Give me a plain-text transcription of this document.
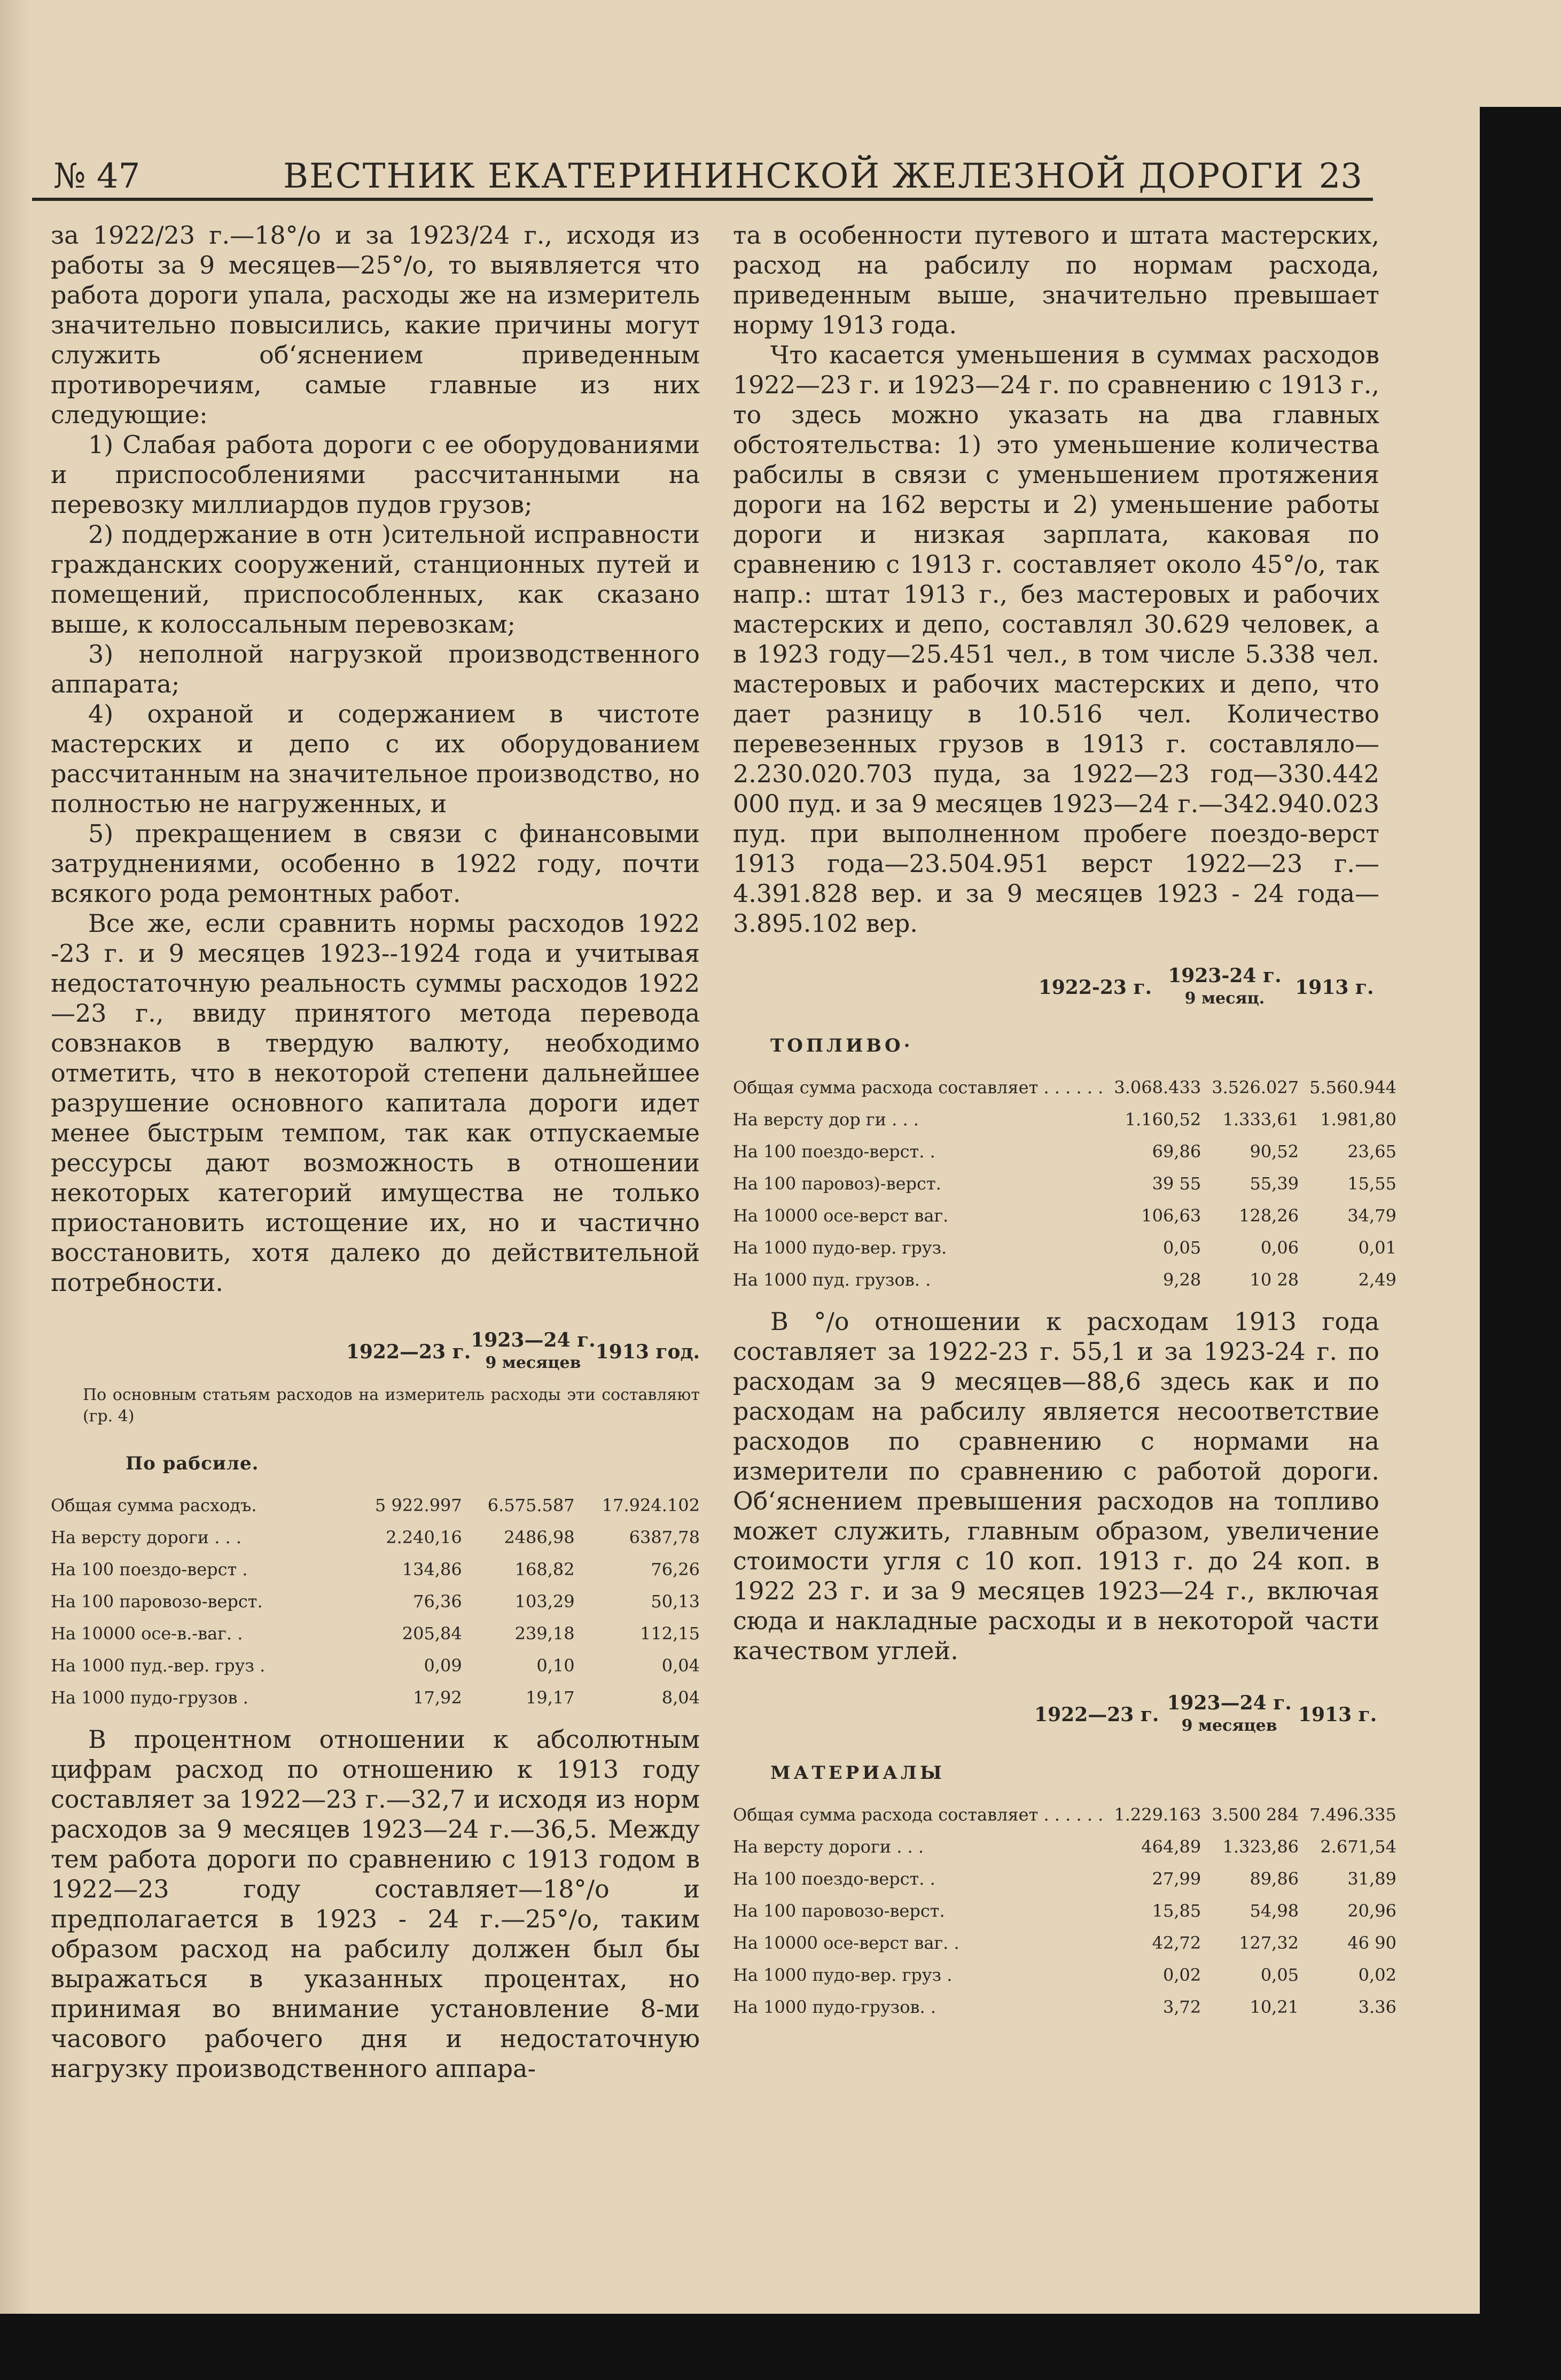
№ 47	ВЕСТНИК ЕКАТЕРИНИНСКОЙ ЖЕЛЕЗНОЙ ДОРОГИ 23

за 1922/23 г.—18°/о и за 1923/24 г., исходя из работы за 9 месяцев—25°/о, то выявляется что работа дороги упала, расходы же на измеритель значительно повысились, какие причины могут служить об‘яснением приведенным противоречиям, самые главные из них следующие:

1) Слабая работа дороги с ее оборудованиями и приспособлениями рассчитанными на перевозку миллиардов пудов грузов;

2) поддержание в отн )сительной исправности гражданских сооружений, станционных путей и помещений, приспособленных, как сказано выше, к колоссальным перевозкам;

3) неполной нагрузкой производственного аппарата;

4) охраной и содержанием в чистоте мастерских и депо с их оборудованием рассчитанным на значительное производство, но полностью не нагруженных, и

5) прекращением в связи с финансовыми затруднениями, особенно в 1922 году, почти всякого рода ремонтных работ.

Все же, если сравнить нормы расходов 1922 -23 г. и 9 месяцев 1923--1924 года и учитывая недостаточную реальность суммы расходов 1922—23 г., ввиду принятого метода перевода совзнаков в твердую валюту, необходимо отметить, что в некоторой степени дальнейшее разрушение основного капитала дороги идет менее быстрым темпом, так как отпускаемые рессурсы дают возможность в отношении некоторых категорий имущества не только приостановить истощение их, но и частично восстановить, хотя далеко до действительной потребности.

	1922—23 г.	1923—24 г.
9 месяцев	1913 год.
По основным статьям расходов на измеритель расходы эти составляют (гр. 4)
По рабсиле.
Общая сумма расходъ.	5 922.997	6.575.587	17.924.102
На версту дороги . . .	2.240,16	2486,98	6387,78
На 100 поездо-верст .	134,86	168,82	76,26
На 100 паровозо-верст.	76,36	103,29	50,13
На 10000 осе-в.-ваг. .	205,84	239,18	112,15
На 1000 пуд.-вер. груз .	0,09	0,10	0,04
На 1000 пудо-грузов .	17,92	19,17	8,04

В процентном отношении к абсолютным цифрам расход по отношению к 1913 году составляет за 1922—23 г.—32,7 и исходя из норм расходов за 9 месяцев 1923—24 г.—36,5. Между тем работа дороги по сравнению с 1913 годом в 1922—23 году составляет—18°/о и предполагается в 1923 - 24 г.—25°/о, таким образом расход на рабсилу должен был бы выражаться в указанных процентах, но принимая во внимание установление 8-ми часового рабочего дня и недостаточную нагрузку производственного аппара-

та в особенности путевого и штата мастерских, расход на рабсилу по нормам расхода, приведенным выше, значительно превышает норму 1913 года.

Что касается уменьшения в суммах расходов 1922—23 г. и 1923—24 г. по сравнению с 1913 г., то здесь можно указать на два главных обстоятельства: 1) это уменьшение количества рабсилы в связи с уменьшением протяжения дороги на 162 версты и 2) уменьшение работы дороги и низкая зарплата, каковая по сравнению с 1913 г. составляет около 45°/о, так напр.: штат 1913 г., без мастеровых и рабочих мастерских и депо, составлял 30.629 человек, а в 1923 году—25.451 чел., в том числе 5.338 чел. мастеровых и рабочих мастерских и депо, что дает разницу в 10.516 чел. Количество перевезенных грузов в 1913 г. составляло—2.230.020.703 пуда, за 1922—23 год—330.442 000 пуд. и за 9 месяцев 1923—24 г.—342.940.023 пуд. при выполненном пробеге поездо-верст 1913 года—23.504.951 верст 1922—23 г.—4.391.828 вер. и за 9 месяцев 1923 - 24 года—3.895.102 вер.

	1922-23 г.	1923-24 г.
9 месяц.	1913 г.
ТОПЛИВО·
Общая сумма расхода составляет . . . . . .	3.068.433	3.526.027	5.560.944
На версту дор ги . . .	1.160,52	1.333,61	1.981,80
На 100 поездо-верст. .	69,86	90,52	23,65
На 100 паровоз)-верст.	39 55	55,39	15,55
На 10000 осе-верст ваг.	106,63	128,26	34,79
На 1000 пудо-вер. груз.	0,05	0,06	0,01
На 1000 пуд. грузов. .	9,28	10 28	2,49

В °/о отношении к расходам 1913 года составляет за 1922-23 г. 55,1 и за 1923-24 г. по расходам за 9 месяцев—88,6 здесь как и по расходам на рабсилу является несоответствие расходов по сравнению с нормами на измерители по сравнению с работой дороги. Об‘яснением превышения расходов на топливо может служить, главным образом, увеличение стоимости угля с 10 коп. 1913 г. до 24 коп. в 1922 23 г. и за 9 месяцев 1923—24 г., включая сюда и накладные расходы и в некоторой части качеством углей.

	1922—23 г.	1923—24 г.
9 месяцев	1913 г.
МАТЕРИАЛЫ
Общая сумма расхода составляет . . . . . .	1.229.163	3.500 284	7.496.335
На версту дороги . . .	464,89	1.323,86	2.671,54
На 100 поездо-верст. .	27,99	89,86	31,89
На 100 паровозо-верст.	15,85	54,98	20,96
На 10000 осе-верст ваг. .	42,72	127,32	46 90
На 1000 пудо-вер. груз .	0,02	0,05	0,02
На 1000 пудо-грузов. .	3,72	10,21	3.36
